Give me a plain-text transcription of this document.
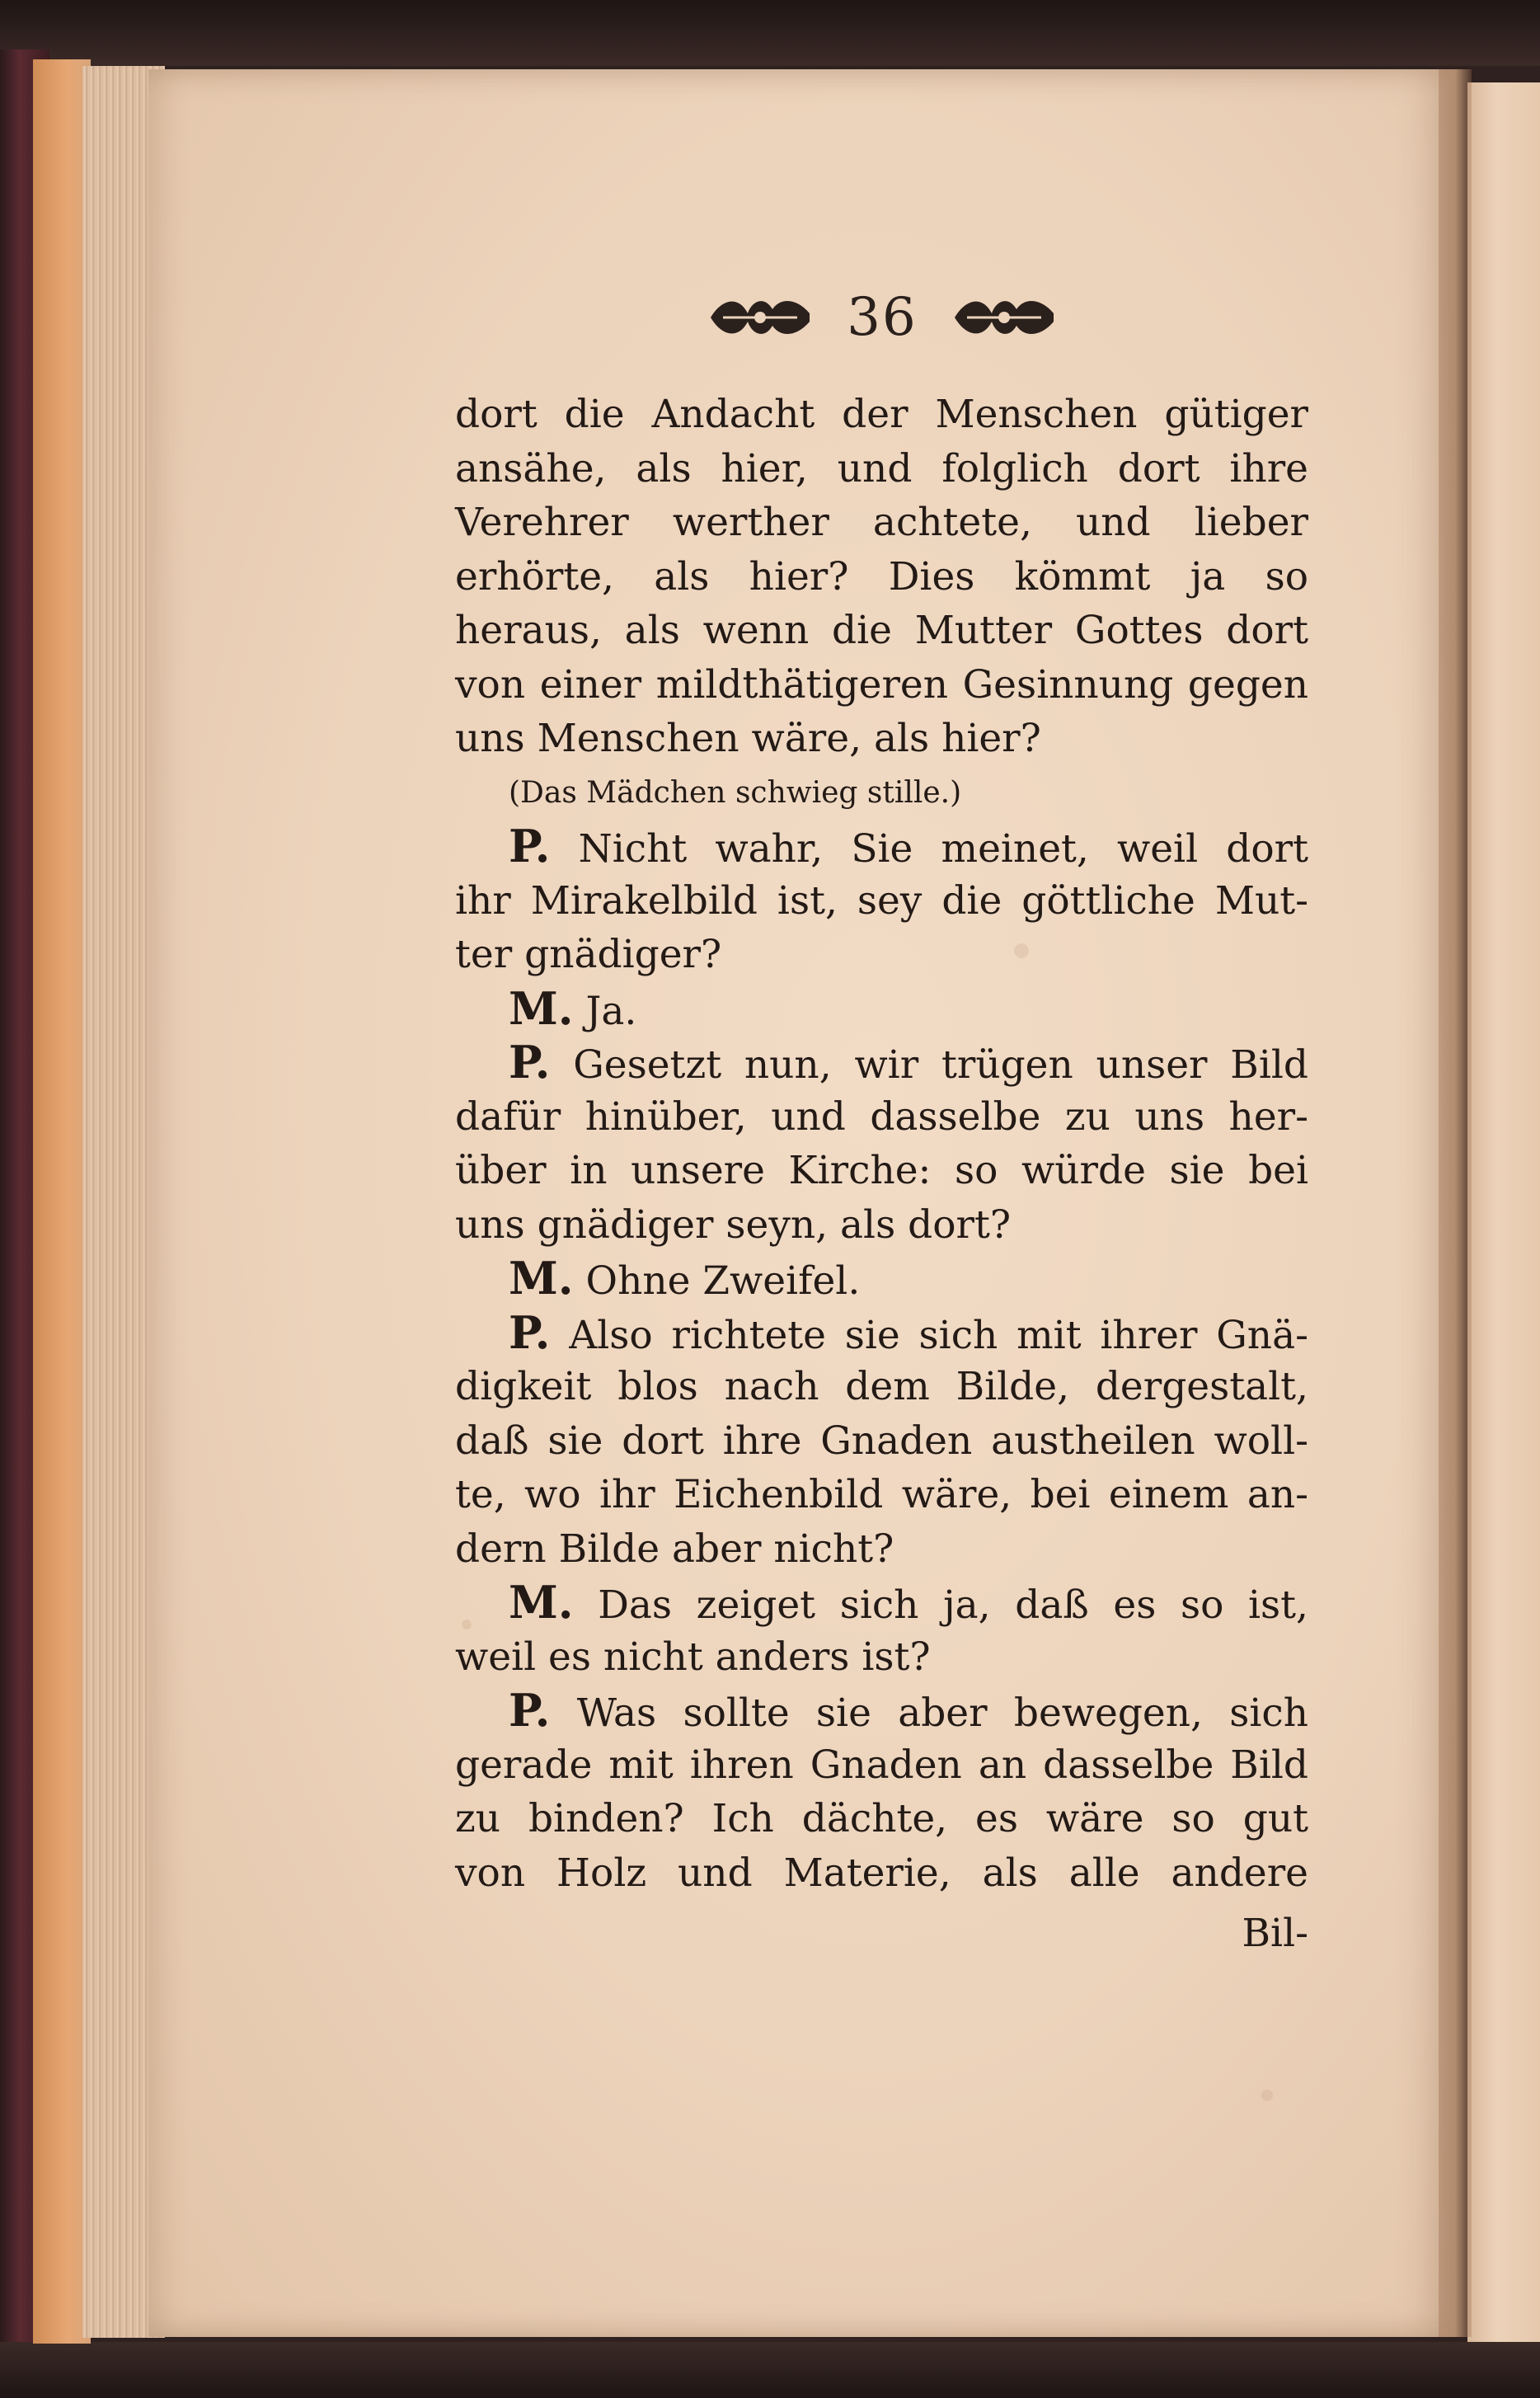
36
dort die Andacht der Menschen gütiger
ansähe, als hier, und folglich dort ihre
Verehrer werther achtete, und lieber
erhörte, als hier? Dies kömmt ja so
heraus, als wenn die Mutter Gottes dort
von einer mildthätigeren Gesinnung gegen
uns Menschen wäre, als hier?
(Das Mädchen schwieg stille.)
P. Nicht wahr, Sie meinet, weil dort
ihr Mirakelbild ist, sey die göttliche Mut-
ter gnädiger?
M. Ja.
P. Gesetzt nun, wir trügen unser Bild
dafür hinüber, und dasselbe zu uns her-
über in unsere Kirche: so würde sie bei
uns gnädiger seyn, als dort?
M. Ohne Zweifel.
P. Also richtete sie sich mit ihrer Gnä-
digkeit blos nach dem Bilde, dergestalt,
daß sie dort ihre Gnaden austheilen woll-
te, wo ihr Eichenbild wäre, bei einem an-
dern Bilde aber nicht?
M. Das zeiget sich ja, daß es so ist,
weil es nicht anders ist?
P. Was sollte sie aber bewegen, sich
gerade mit ihren Gnaden an dasselbe Bild
zu binden? Ich dächte, es wäre so gut
von Holz und Materie, als alle andere
Bil-
